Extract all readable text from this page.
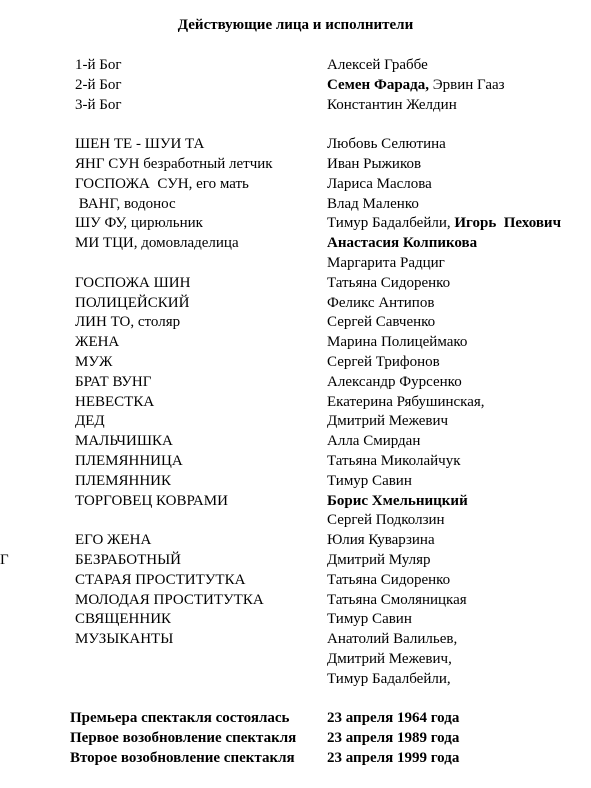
Действующие лица и исполнители
1-й Бог	Алексей Граббе
2-й Бог	Семен Фарада, Эрвин Гааз
3-й Бог	Константин Желдин
ШЕН ТЕ - ШУИ ТА	Любовь Селютина
ЯНГ СУН безработный летчик	Иван Рыжиков
ГОСПОЖА  СУН, его мать	Лариса Маслова
ВАНГ, водонос	Влад Маленко
ШУ ФУ, цирюльник	Тимур Бадалбейли, Игорь  Пехович
МИ ТЦИ, домовладелица	Анастасия Колпикова
Маргарита Радциг
ГОСПОЖА ШИН	Татьяна Сидоренко
ПОЛИЦЕЙСКИЙ	Феликс Антипов
ЛИН ТО, столяр	Сергей Савченко
ЖЕНА	Марина Полицеймако
МУЖ	Сергей Трифонов
БРАТ ВУНГ	Александр Фурсенко
НЕВЕСТКА	Екатерина Рябушинская,
ДЕД	Дмитрий Межевич
МАЛЬЧИШКА	Алла Смирдан
ПЛЕМЯННИЦА	Татьяна Миколайчук
ПЛЕМЯННИК	Тимур Савин
ТОРГОВЕЦ КОВРАМИ	Борис Хмельницкий
Сергей Подколзин
ЕГО ЖЕНА	Юлия Куварзина
Г	БЕЗРАБОТНЫЙ	Дмитрий Муляр
СТАРАЯ ПРОСТИТУТКА	Татьяна Сидоренко
МОЛОДАЯ ПРОСТИТУТКА	Татьяна Смоляницкая
СВЯЩЕННИК	Тимур Савин
МУЗЫКАНТЫ	Анатолий Валильев,
Дмитрий Межевич,
Тимур Бадалбейли,
Премьера спектакля состоялась	23 апреля 1964 года
Первое возобновление спектакля 23 апреля 1989 года
Второе возобновление спектакля 23 апреля 1999 года
